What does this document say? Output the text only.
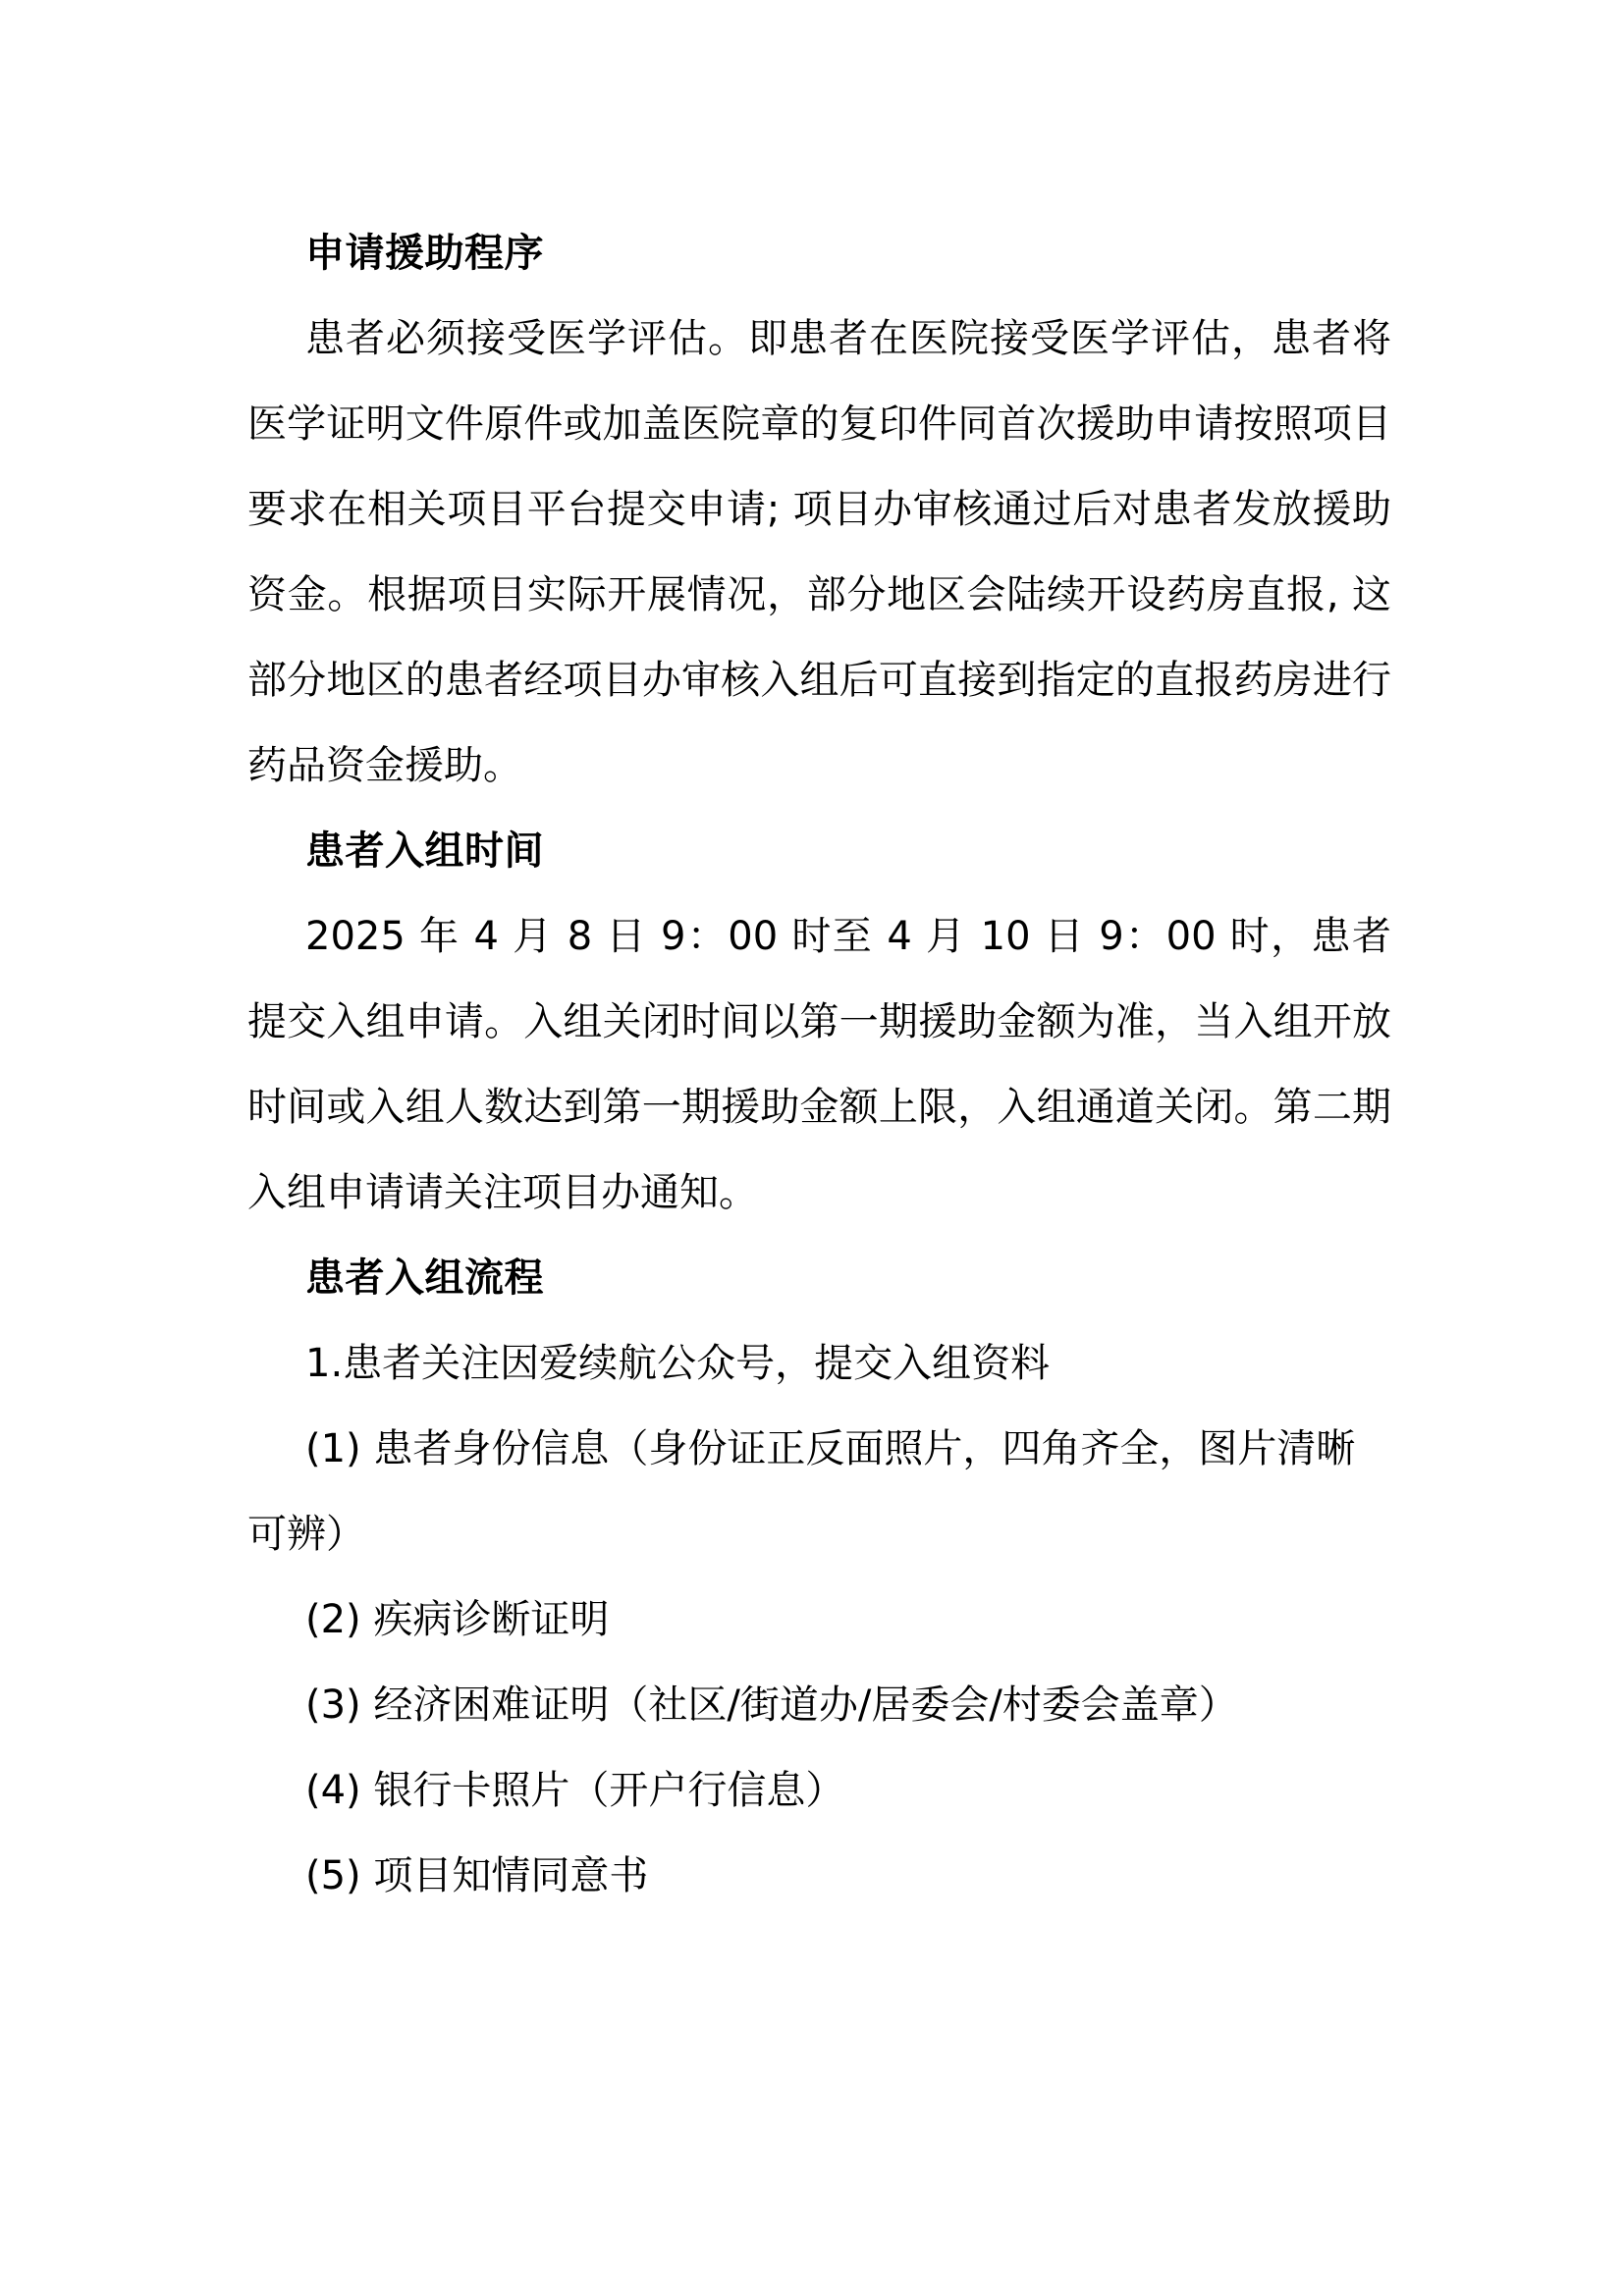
申请援助程序

患者必须接受医学评估。即患者在医院接受医学评估，患者将医学证明文件原件或加盖医院章的复印件同首次援助申请按照项目要求在相关项目平台提交申请; 项目办审核通过后对患者发放援助资金。根据项目实际开展情况，部分地区会陆续开设药房直报, 这部分地区的患者经项目办审核入组后可直接到指定的直报药房进行药品资金援助。

患者入组时间

2025 年 4 月 8 日 9：00 时至 4 月 10 日 9：00 时，患者提交入组申请。入组关闭时间以第一期援助金额为准，当入组开放时间或入组人数达到第一期援助金额上限，入组通道关闭。第二期入组申请请关注项目办通知。

患者入组流程

1.患者关注因爱续航公众号，提交入组资料

(1) 患者身份信息（身份证正反面照片，四角齐全，图片清晰可辨）

(2) 疾病诊断证明

(3) 经济困难证明（社区/街道办/居委会/村委会盖章）

(4) 银行卡照片（开户行信息）

(5) 项目知情同意书
